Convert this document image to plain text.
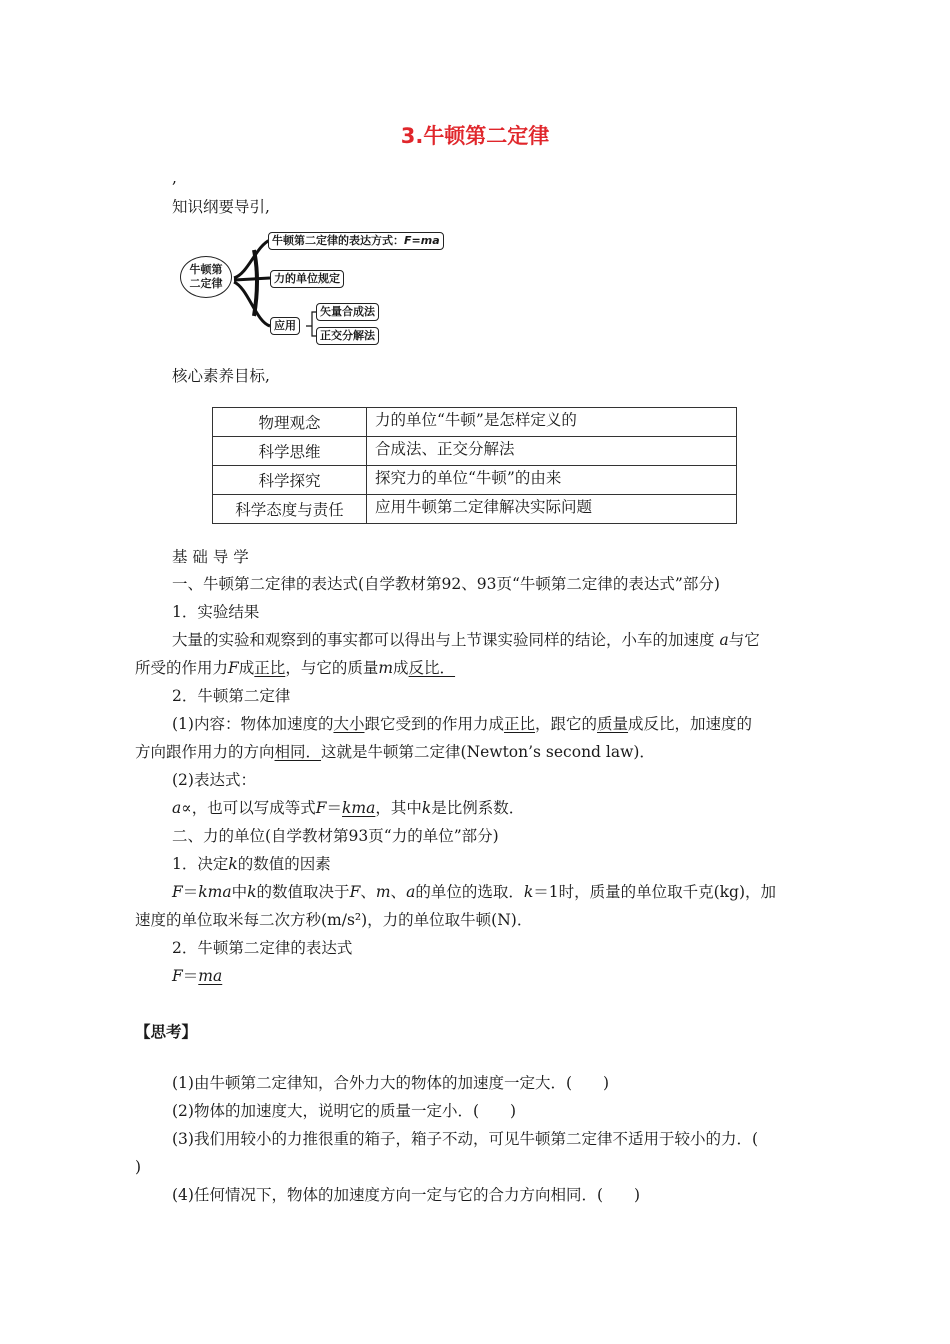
3.牛顿第二定律
,
知识纲要导引,
牛顿第
二定律
牛顿第二定律的表达方式：F=ma
力的单位规定
应用
矢量合成法
正交分解法
核心素养目标,
物理观念	力的单位“牛顿”是怎样定义的
科学思维	合成法、正交分解法
科学探究	探究力的单位“牛顿”的由来
科学态度与责任	应用牛顿第二定律解决实际问题
基 础 导 学
一、牛顿第二定律的表达式(自学教材第92、93页“牛顿第二定律的表达式”部分)
1．实验结果
大量的实验和观察到的事实都可以得出与上节课实验同样的结论，小车的加速度 a与它
所受的作用力F成正比，与它的质量m成反比．
2．牛顿第二定律
(1)内容：物体加速度的大小跟它受到的作用力成正比，跟它的质量成反比，加速度的
方向跟作用力的方向相同．这就是牛顿第二定律(Newton’s second law)．
(2)表达式：
a∝，也可以写成等式F＝kma，其中k是比例系数．
二、力的单位(自学教材第93页“力的单位”部分)
1．决定k的数值的因素
F＝kma中k的数值取决于F、m、a的单位的选取．k＝1时，质量的单位取千克(kg)，加
速度的单位取米每二次方秒(m/s²)，力的单位取牛顿(N)．
2．牛顿第二定律的表达式
F＝ma
【思考】
(1)由牛顿第二定律知，合外力大的物体的加速度一定大．(　　)
(2)物体的加速度大，说明它的质量一定小．(　　)
(3)我们用较小的力推很重的箱子，箱子不动，可见牛顿第二定律不适用于较小的力．(
)
(4)任何情况下，物体的加速度方向一定与它的合力方向相同．(　　)
